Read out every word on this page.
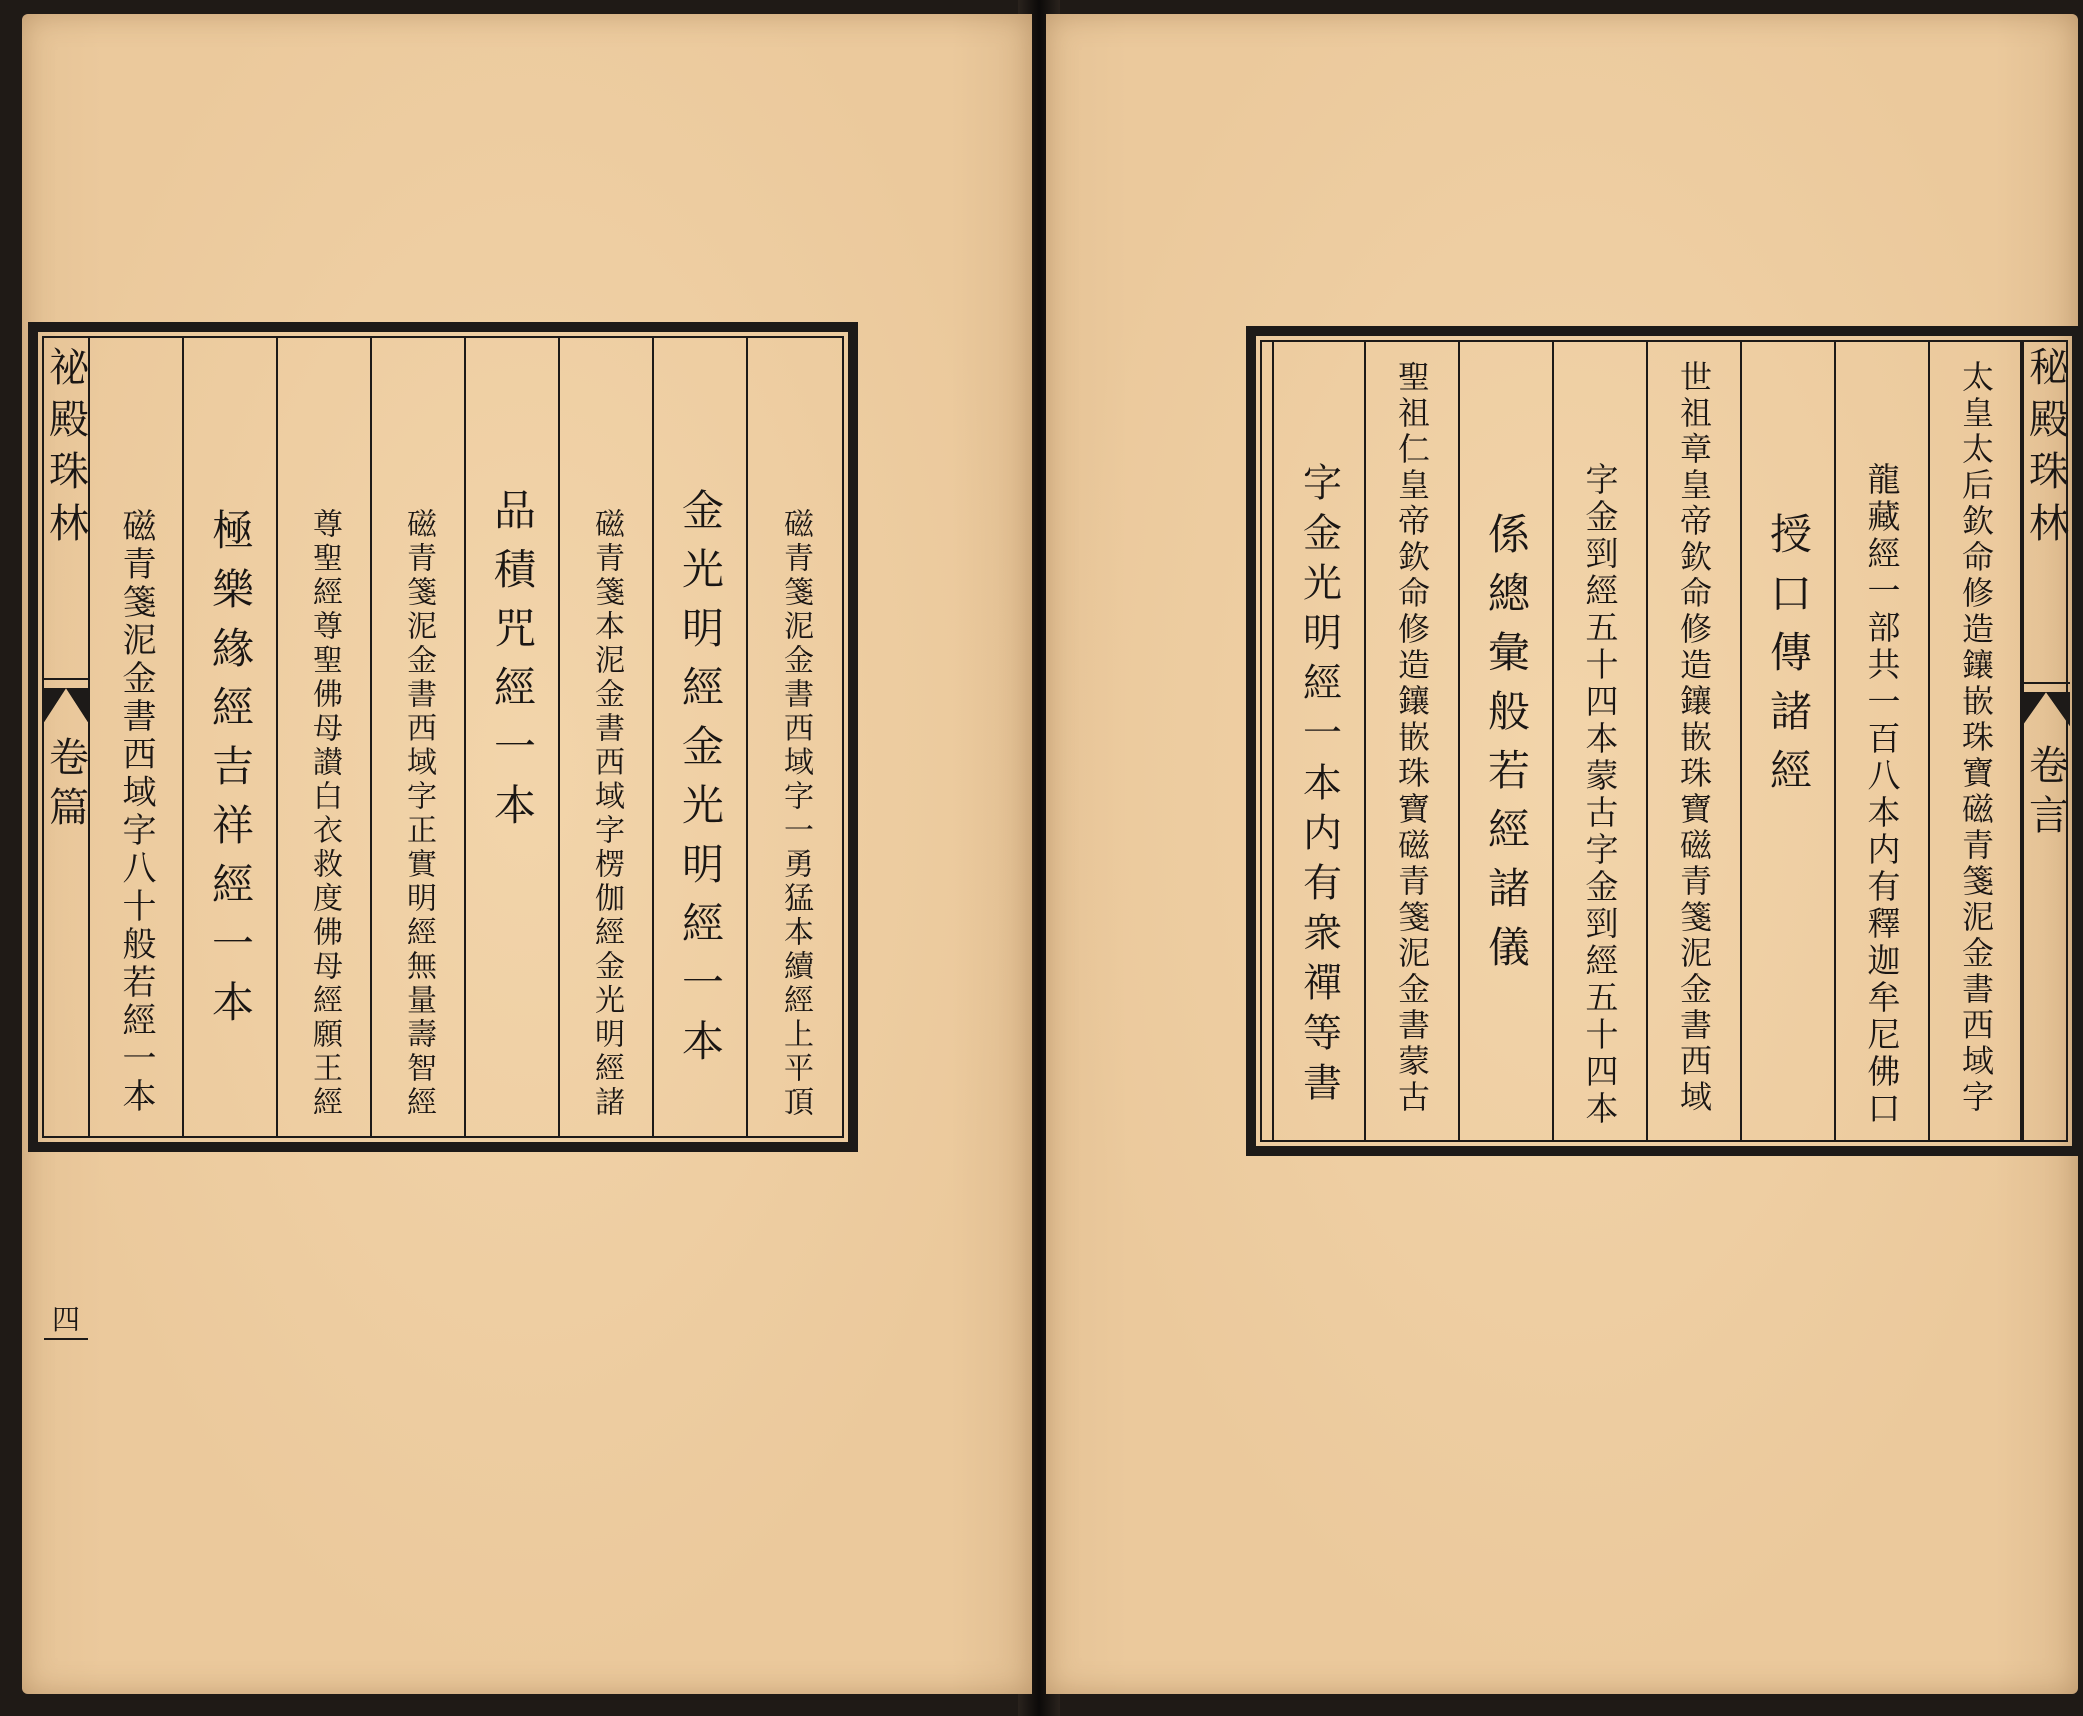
祕殿珠林
卷篇
四
磁青箋泥金書西域字一勇猛本續經上平頂
金光明經金光明經一本
磁青箋本泥金書西域字楞伽經金光明經諸
品積咒經一本
磁青箋泥金書西域字正實明經無量壽智經
尊聖經尊聖佛母讃白衣救度佛母經願王經
極樂緣經吉祥經一本
磁青箋泥金書西域字八十般若經一本	太皇太后欽命修造鑲嵌珠寶磁青箋泥金書西域字
龍藏經一部共一百八本内有釋迦牟尼佛口
授口傳諸經
世祖章皇帝欽命修造鑲嵌珠寶磁青箋泥金書西域
字金剄經五十四本蒙古字金剄經五十四本
係總彙般若經諸儀
聖祖仁皇帝欽命修造鑲嵌珠寶磁青箋泥金書蒙古
字金光明經一本内有衆禪等書
秘殿珠林
卷言
